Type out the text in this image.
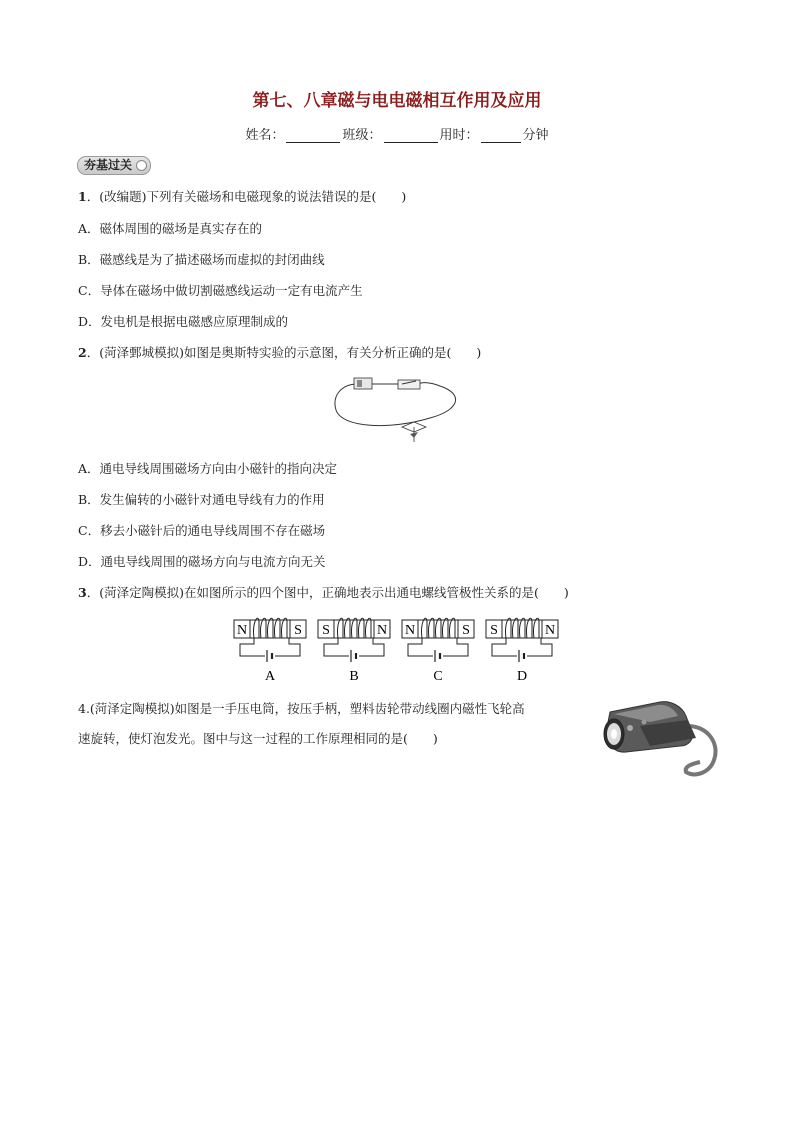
第七、八章磁与电电磁相互作用及应用
姓名：	班级：	用时：	分钟
夯基过关
1．(改编题)下列有关磁场和电磁现象的说法错误的是(　　)
A．磁体周围的磁场是真实存在的
B．磁感线是为了描述磁场而虚拟的封闭曲线
C．导体在磁场中做切割磁感线运动一定有电流产生
D．发电机是根据电磁感应原理制成的
2．(菏泽鄄城模拟)如图是奥斯特实验的示意图，有关分析正确的是(　　)
A．通电导线周围磁场方向由小磁针的指向决定
B．发生偏转的小磁针对通电导线有力的作用
C．移去小磁针后的通电导线周围不存在磁场
D．通电导线周围的磁场方向与电流方向无关
3．(菏泽定陶模拟)在如图所示的四个图中，正确地表示出通电螺线管极性关系的是(　　)
N	S
A
S	N
B
N	S
C
S	N
D
4.(菏泽定陶模拟)如图是一手压电筒，按压手柄，塑料齿轮带动线圈内磁性飞轮高
速旋转，使灯泡发光。图中与这一过程的工作原理相同的是(　　)
